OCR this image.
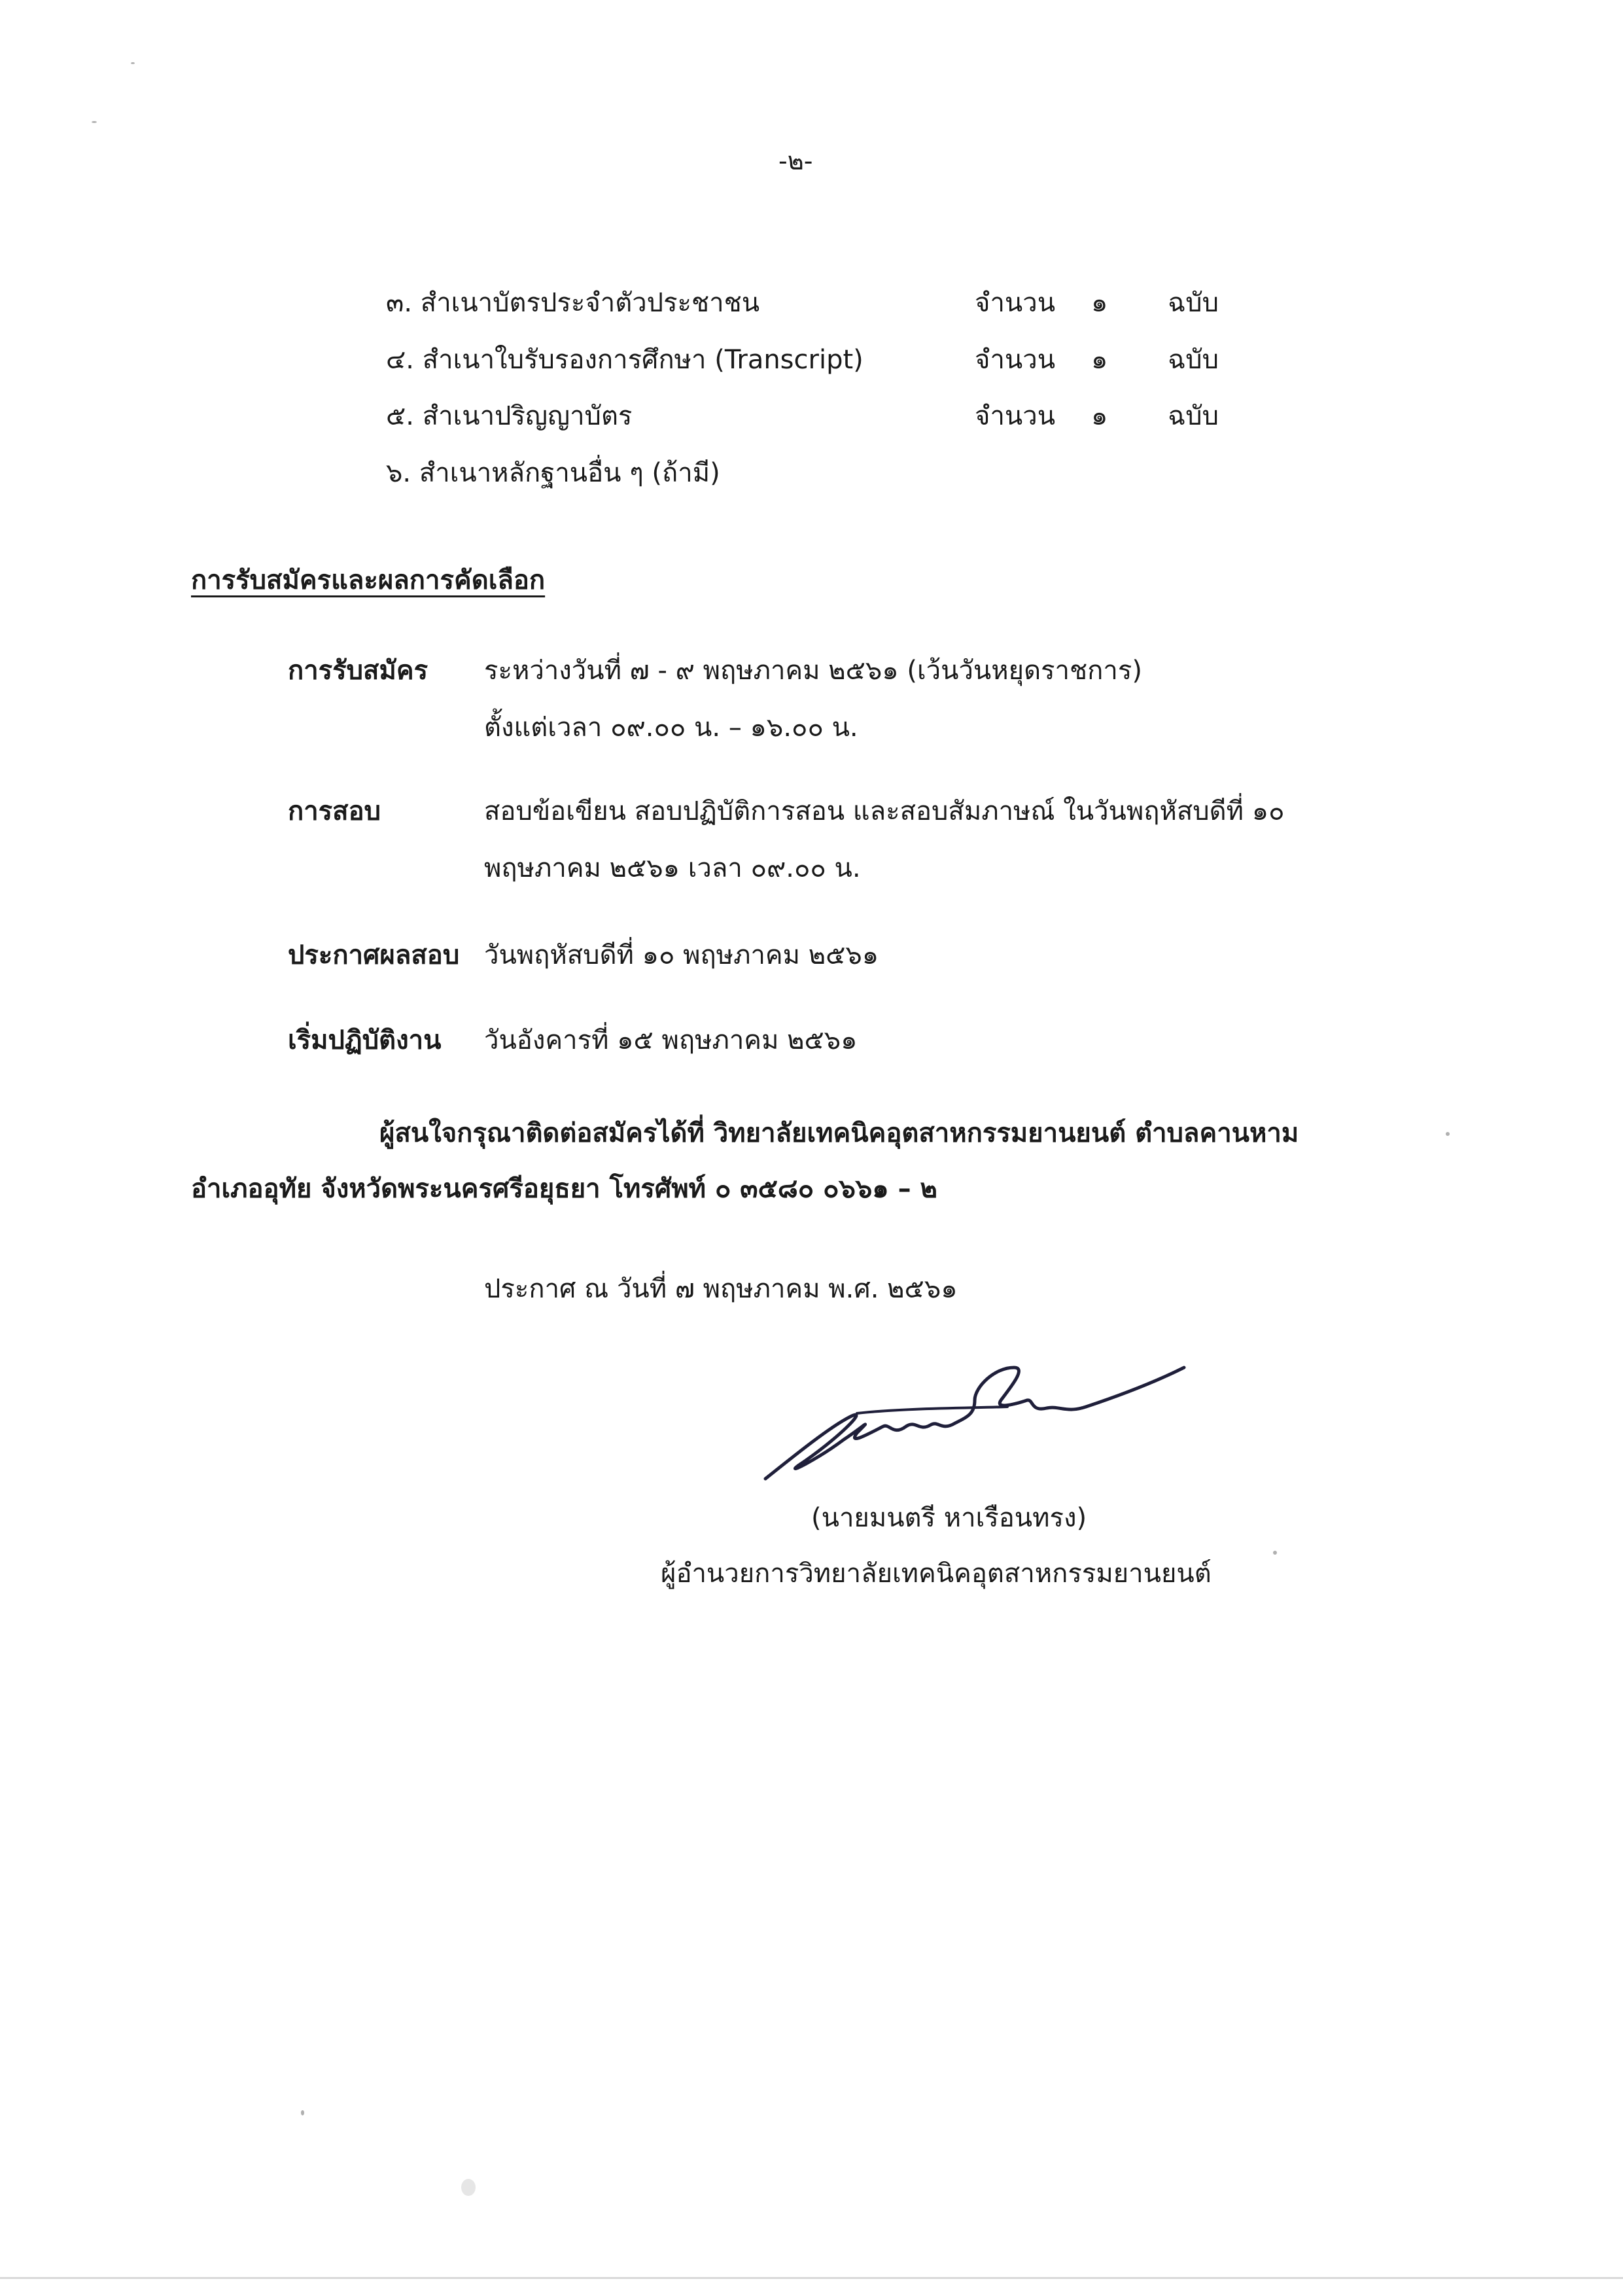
-๒-
๓. สำเนาบัตรประจำตัวประชาชน	จำนวน ๑ ฉบับ
๔. สำเนาใบรับรองการศึกษา (Transcript)	จำนวน ๑ ฉบับ
๕. สำเนาปริญญาบัตร	จำนวน ๑ ฉบับ
๖. สำเนาหลักฐานอื่น ๆ (ถ้ามี)
การรับสมัครและผลการคัดเลือก
การรับสมัคร ระหว่างวันที่ ๗ - ๙ พฤษภาคม ๒๕๖๑ (เว้นวันหยุดราชการ)
ตั้งแต่เวลา ๐๙.๐๐ น. – ๑๖.๐๐ น.
การสอบ	สอบข้อเขียน สอบปฏิบัติการสอน และสอบสัมภาษณ์ ในวันพฤหัสบดีที่ ๑๐
พฤษภาคม ๒๕๖๑ เวลา ๐๙.๐๐ น.
ประกาศผลสอบ วันพฤหัสบดีที่ ๑๐ พฤษภาคม ๒๕๖๑
เริ่มปฏิบัติงาน วันอังคารที่ ๑๕ พฤษภาคม ๒๕๖๑
ผู้สนใจกรุณาติดต่อสมัครได้ที่ วิทยาลัยเทคนิคอุตสาหกรรมยานยนต์ ตำบลคานหาม
อำเภออุทัย จังหวัดพระนครศรีอยุธยา โทรศัพท์ ๐ ๓๕๘๐ ๐๖๖๑ – ๒
ประกาศ ณ วันที่ ๗ พฤษภาคม พ.ศ. ๒๕๖๑
(นายมนตรี หาเรือนทรง)
ผู้อำนวยการวิทยาลัยเทคนิคอุตสาหกรรมยานยนต์
